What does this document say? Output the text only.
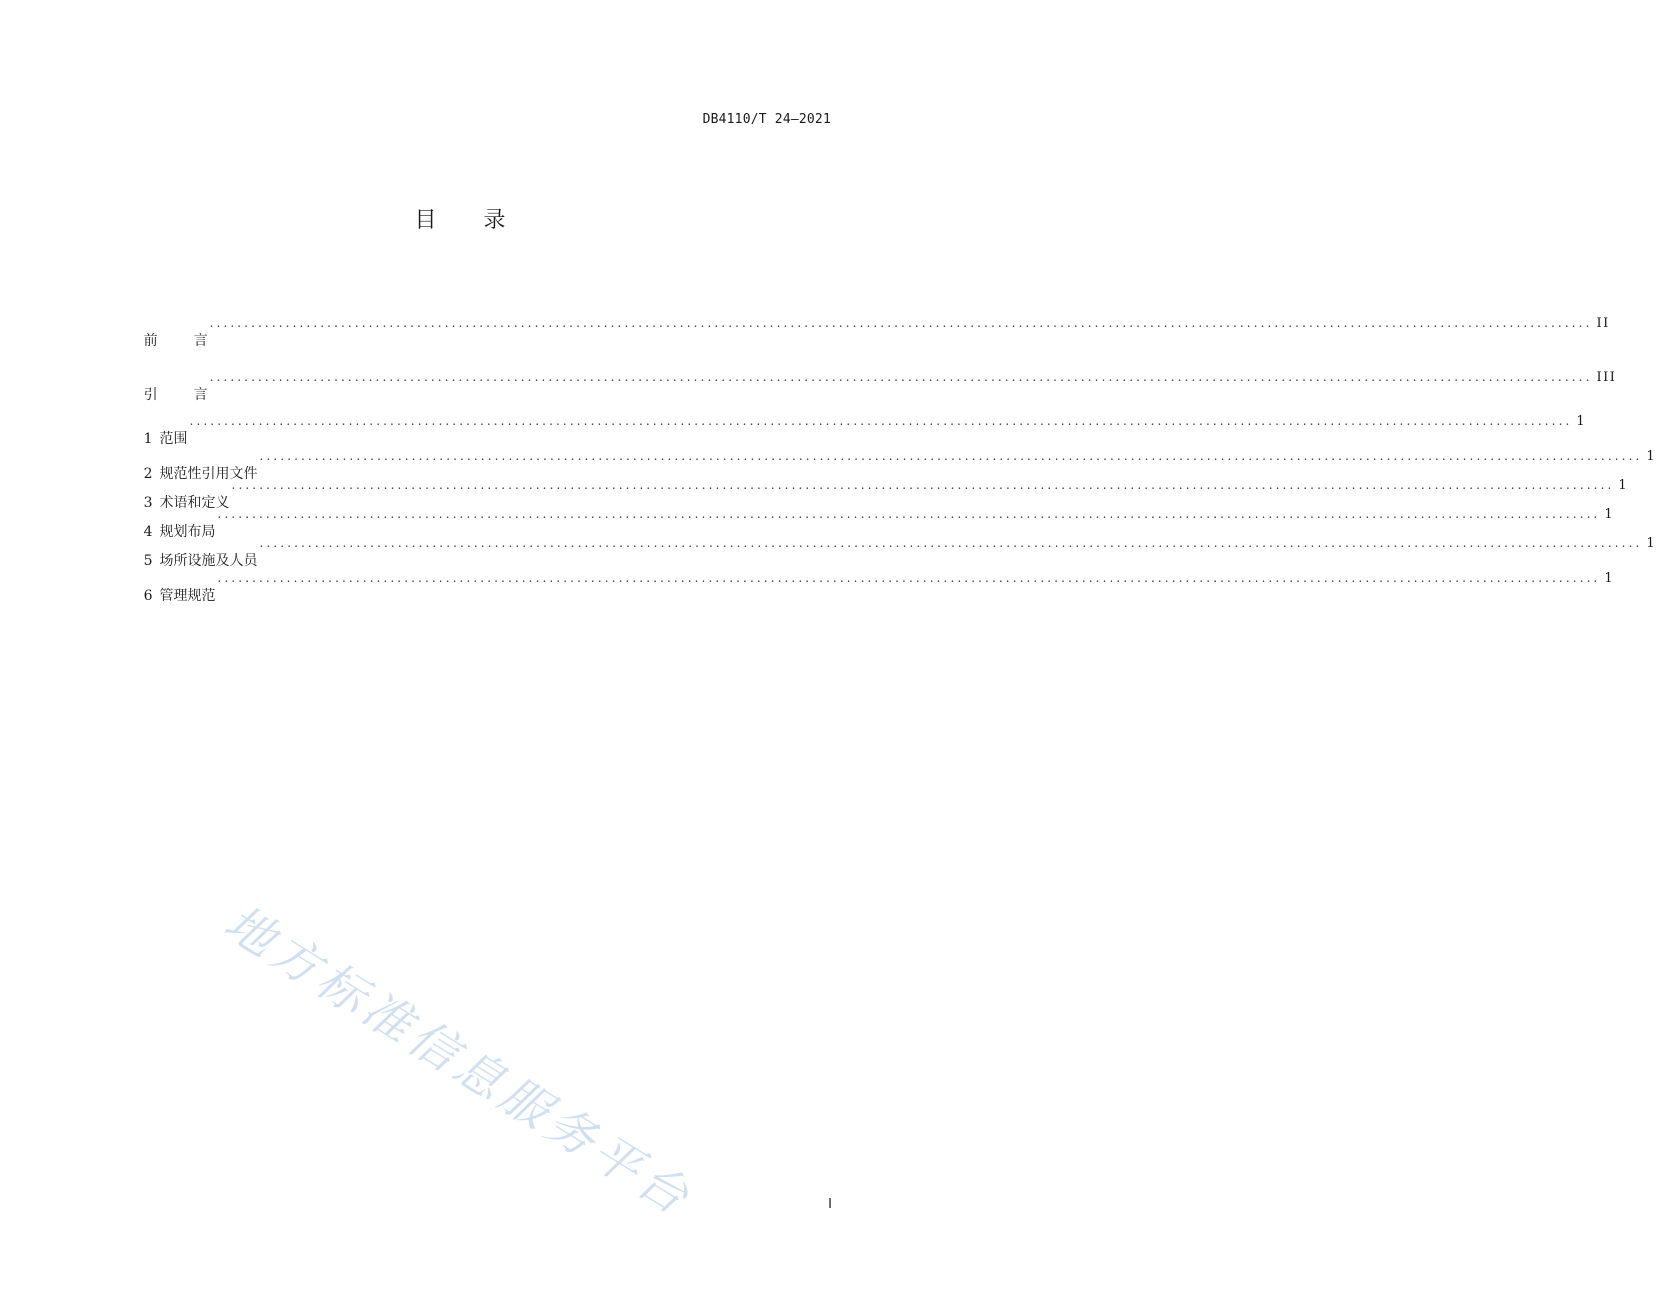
DB4110/T 24—2021
目 录

前	言

........................................................................................................................................................................................................ II

引	言

........................................................................................................................................................................................................ III

1 范围

........................................................................................................................................................................................................ 1

2 规范性引用文件

........................................................................................................................................................................................................ 1

3 术语和定义

........................................................................................................................................................................................................ 1

4 规划布局

........................................................................................................................................................................................................ 1

5 场所设施及人员

........................................................................................................................................................................................................ 1

6 管理规范

........................................................................................................................................................................................................ 1
地方标准信息服务平台	I
